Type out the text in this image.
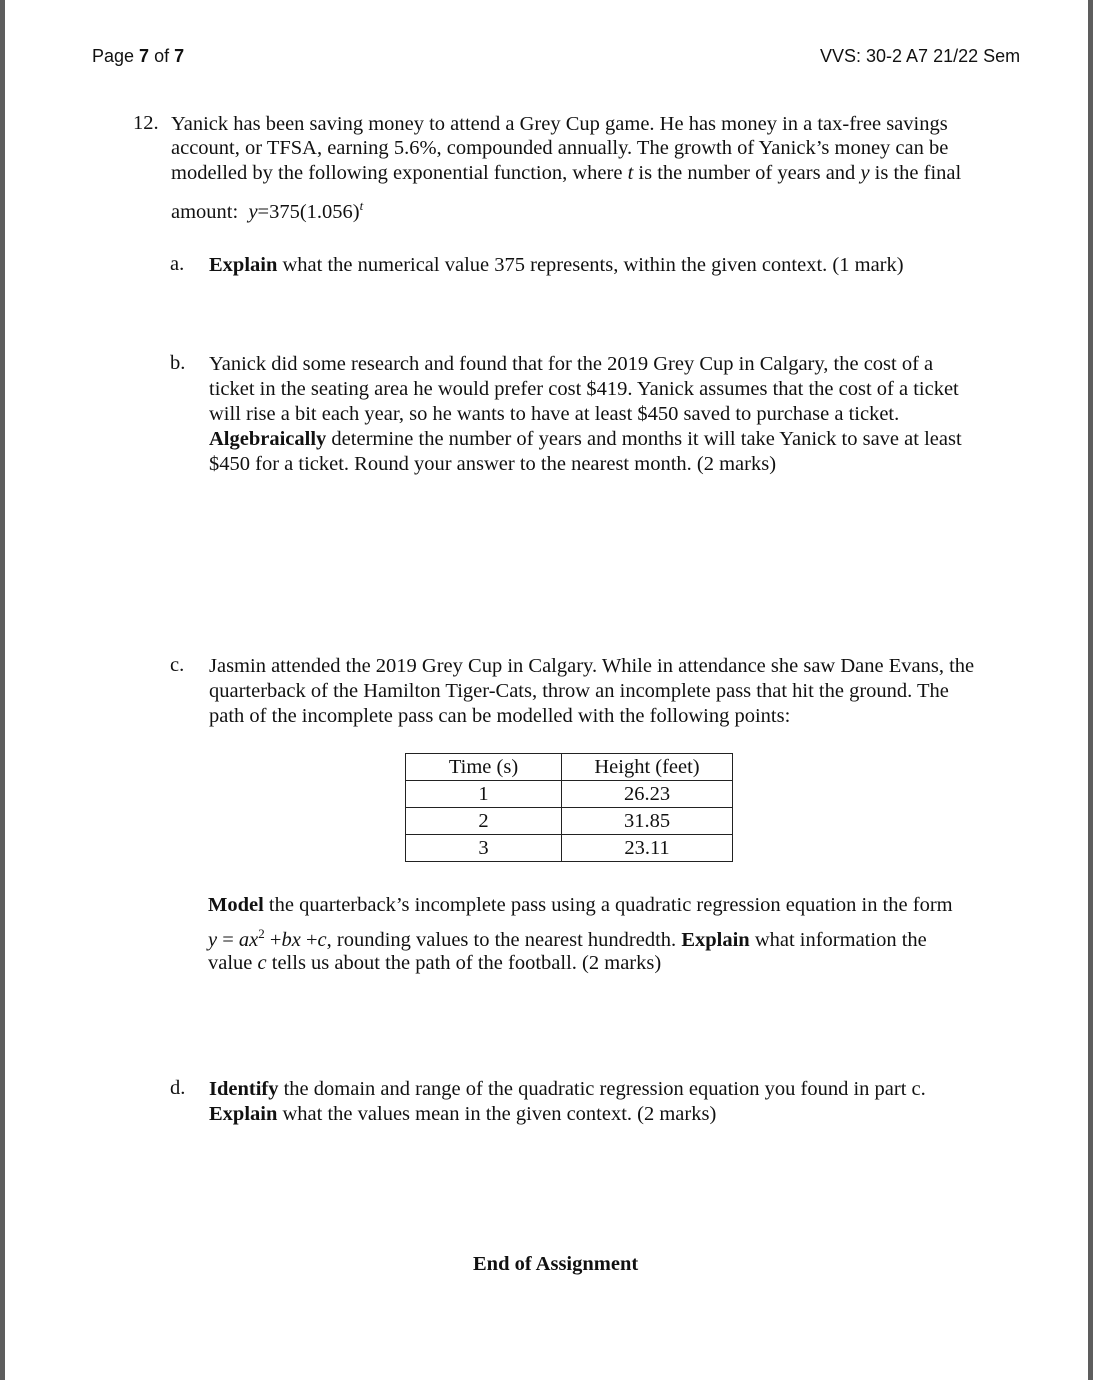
Page 7 of 7	VVS: 30-2 A7 21/22 Sem
12. Yanick has been saving money to attend a Grey Cup game. He has money in a tax-free savings
account, or TFSA, earning 5.6%, compounded annually. The growth of Yanick’s money can be
modelled by the following exponential function, where t is the number of years and y is the final
amount: $y=375(1.056)^t$
a. Explain what the numerical value 375 represents, within the given context. (1 mark)
b. Yanick did some research and found that for the 2019 Grey Cup in Calgary, the cost of a
ticket in the seating area he would prefer cost $419. Yanick assumes that the cost of a ticket
will rise a bit each year, so he wants to have at least $450 saved to purchase a ticket.
Algebraically determine the number of years and months it will take Yanick to save at least
$450 for a ticket. Round your answer to the nearest month. (2 marks)
c. Jasmin attended the 2019 Grey Cup in Calgary. While in attendance she saw Dane Evans, the
quarterback of the Hamilton Tiger-Cats, throw an incomplete pass that hit the ground. The
path of the incomplete pass can be modelled with the following points:
Time (s)	Height (feet)
1	26.23
2	31.85
3	23.11
Model the quarterback’s incomplete pass using a quadratic regression equation in the form
$y = ax^2 +bx +c$, rounding values to the nearest hundredth. Explain what information the
value c tells us about the path of the football. (2 marks)
d. Identify the domain and range of the quadratic regression equation you found in part c.
Explain what the values mean in the given context. (2 marks)
End of Assignment
